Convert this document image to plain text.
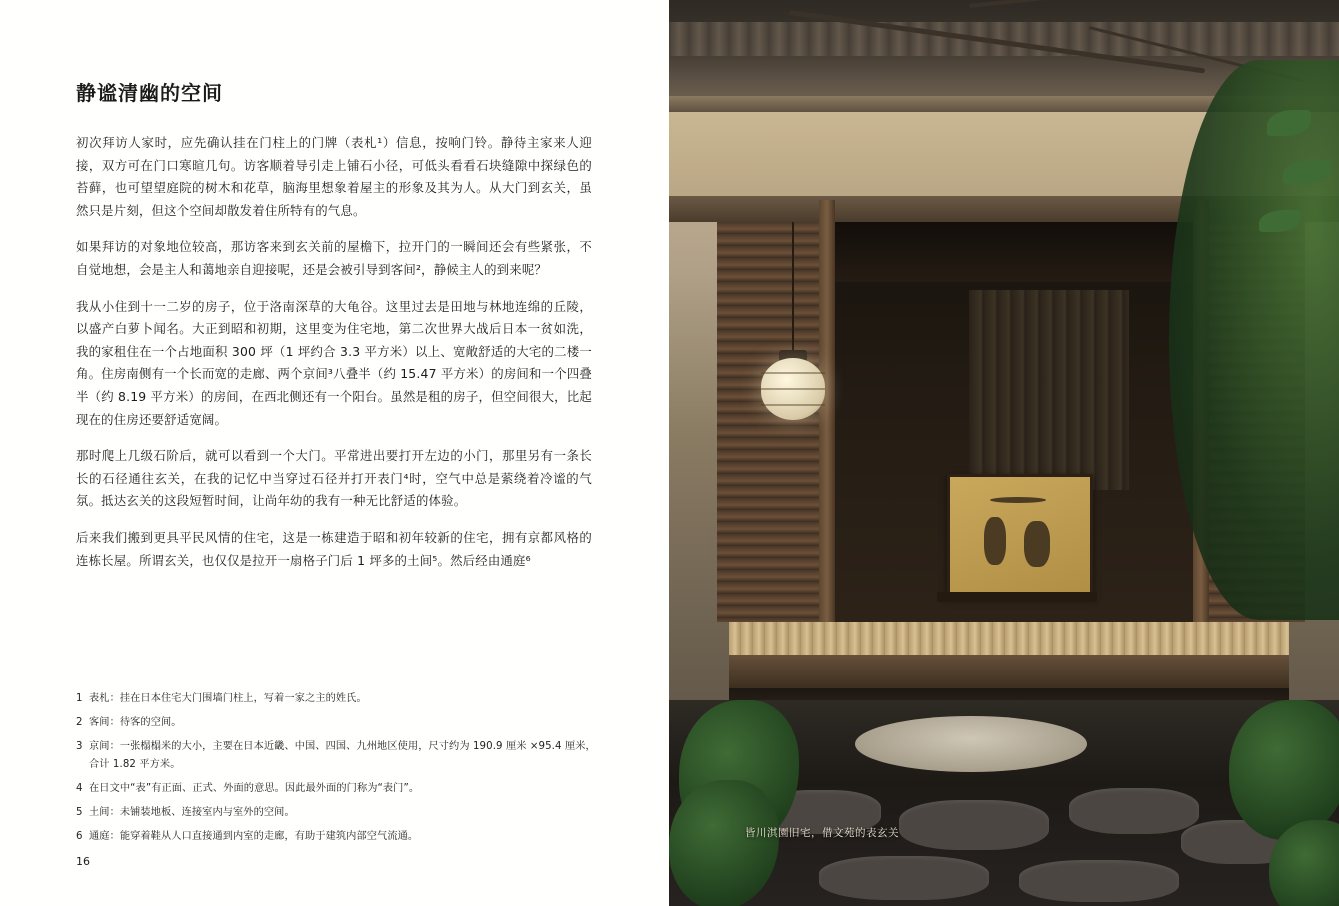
静谧清幽的空间

初次拜访人家时，应先确认挂在门柱上的门牌（表札¹）信息，按响门铃。静待主家来人迎接，双方可在门口寒暄几句。访客顺着导引走上铺石小径，可低头看看石块缝隙中探绿色的苔藓，也可望望庭院的树木和花草，脑海里想象着屋主的形象及其为人。从大门到玄关，虽然只是片刻，但这个空间却散发着住所特有的气息。

如果拜访的对象地位较高，那访客来到玄关前的屋檐下，拉开门的一瞬间还会有些紧张，不自觉地想，会是主人和蔼地亲自迎接呢，还是会被引导到客间²，静候主人的到来呢？

我从小住到十一二岁的房子，位于洛南深草的大龟谷。这里过去是田地与林地连绵的丘陵，以盛产白萝卜闻名。大正到昭和初期，这里变为住宅地，第二次世界大战后日本一贫如洗，我的家租住在一个占地面积 300 坪（1 坪约合 3.3 平方米）以上、宽敞舒适的大宅的二楼一角。住房南侧有一个长而宽的走廊、两个京间³八叠半（约 15.47 平方米）的房间和一个四叠半（约 8.19 平方米）的房间，在西北侧还有一个阳台。虽然是租的房子，但空间很大，比起现在的住房还要舒适宽阔。

那时爬上几级石阶后，就可以看到一个大门。平常进出要打开左边的小门，那里另有一条长长的石径通往玄关，在我的记忆中当穿过石径并打开表门⁴时，空气中总是萦绕着冷谧的气氛。抵达玄关的这段短暂时间，让尚年幼的我有一种无比舒适的体验。

后来我们搬到更具平民风情的住宅，这是一栋建造于昭和初年较新的住宅，拥有京都风格的连栋长屋。所谓玄关，也仅仅是拉开一扇格子门后 1 坪多的土间⁵。然后经由通庭⁶

1 表札：挂在日本住宅大门围墙门柱上，写着一家之主的姓氏。
2 客间：待客的空间。
3 京间：一张榻榻米的大小，主要在日本近畿、中国、四国、九州地区使用，尺寸约为 190.9 厘米 ×95.4 厘米，合计 1.82 平方米。
4 在日文中“表”有正面、正式、外面的意思。因此最外面的门称为“表门”。
5 土间：未铺装地板、连接室内与室外的空间。
6 通庭：能穿着鞋从人口直接通到内室的走廊，有助于建筑内部空气流通。
16
皆川淇園旧宅，借文苑的表玄关
